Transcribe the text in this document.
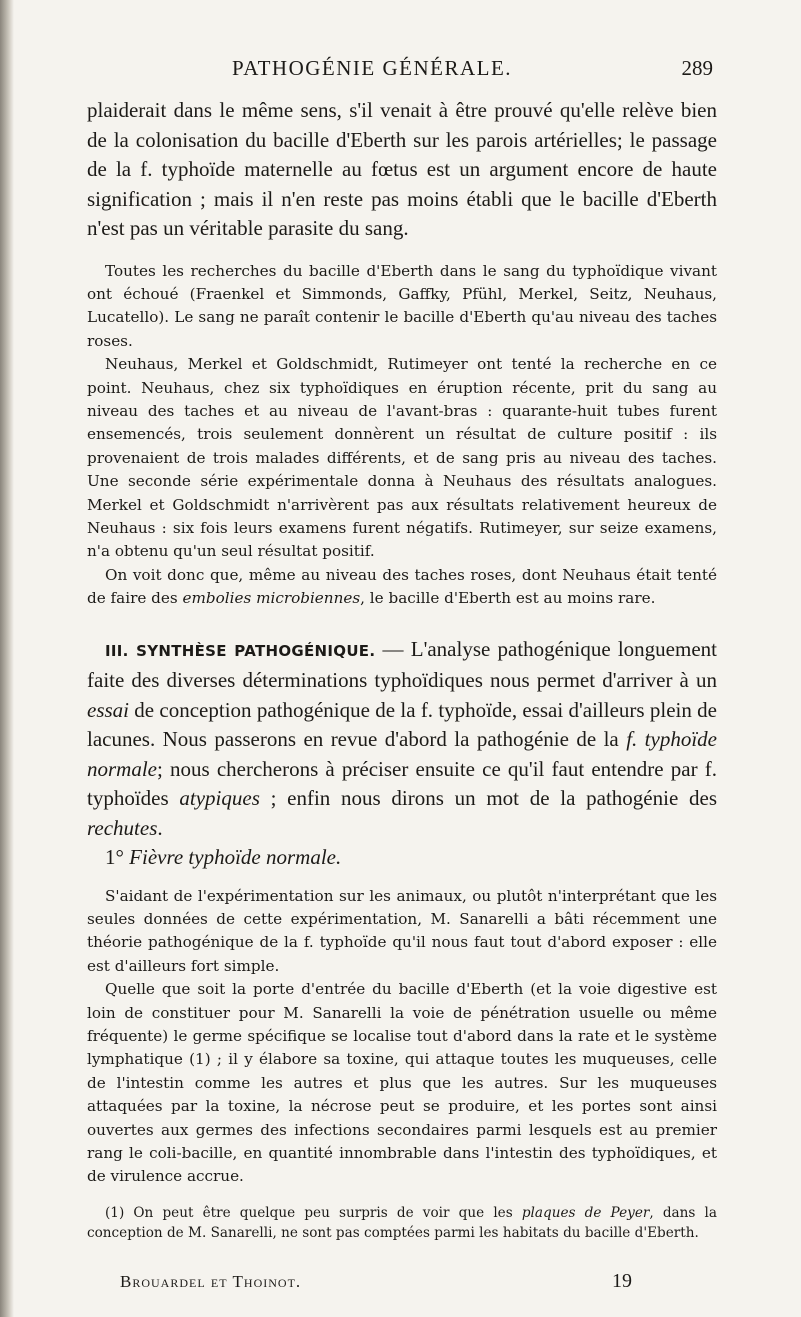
PATHOGÉNIE GÉNÉRALE.	289

plaiderait dans le même sens, s'il venait à être prouvé qu'elle relève bien de la colonisation du bacille d'Eberth sur les parois artérielles; le passage de la f. typhoïde maternelle au fœtus est un argument encore de haute signification ; mais il n'en reste pas moins établi que le bacille d'Eberth n'est pas un véritable parasite du sang.

Toutes les recherches du bacille d'Eberth dans le sang du typhoïdique vivant ont échoué (Fraenkel et Simmonds, Gaffky, Pfühl, Merkel, Seitz, Neuhaus, Lucatello). Le sang ne paraît contenir le bacille d'Eberth qu'au niveau des taches roses.

Neuhaus, Merkel et Goldschmidt, Rutimeyer ont tenté la recherche en ce point. Neuhaus, chez six typhoïdiques en éruption récente, prit du sang au niveau des taches et au niveau de l'avant-bras : quarante-huit tubes furent ensemencés, trois seulement donnèrent un résultat de culture positif : ils provenaient de trois malades différents, et de sang pris au niveau des taches. Une seconde série expérimentale donna à Neuhaus des résultats analogues. Merkel et Goldschmidt n'arrivèrent pas aux résultats relativement heureux de Neuhaus : six fois leurs examens furent négatifs. Rutimeyer, sur seize examens, n'a obtenu qu'un seul résultat positif.

On voit donc que, même au niveau des taches roses, dont Neuhaus était tenté de faire des embolies microbiennes, le bacille d'Eberth est au moins rare.

III. SYNTHÈSE PATHOGÉNIQUE. — L'analyse pathogénique longuement faite des diverses déterminations typhoïdiques nous permet d'arriver à un essai de conception pathogénique de la f. typhoïde, essai d'ailleurs plein de lacunes. Nous passerons en revue d'abord la pathogénie de la f. typhoïde normale; nous chercherons à préciser ensuite ce qu'il faut entendre par f. typhoïdes atypiques ; enfin nous dirons un mot de la pathogénie des rechutes.

1° Fièvre typhoïde normale.

S'aidant de l'expérimentation sur les animaux, ou plutôt n'interprétant que les seules données de cette expérimentation, M. Sanarelli a bâti récemment une théorie pathogénique de la f. typhoïde qu'il nous faut tout d'abord exposer : elle est d'ailleurs fort simple.

Quelle que soit la porte d'entrée du bacille d'Eberth (et la voie digestive est loin de constituer pour M. Sanarelli la voie de pénétration usuelle ou même fréquente) le germe spécifique se localise tout d'abord dans la rate et le système lymphatique (1) ; il y élabore sa toxine, qui attaque toutes les muqueuses, celle de l'intestin comme les autres et plus que les autres. Sur les muqueuses attaquées par la toxine, la nécrose peut se produire, et les portes sont ainsi ouvertes aux germes des infections secondaires parmi lesquels est au premier rang le coli-bacille, en quantité innombrable dans l'intestin des typhoïdiques, et de virulence accrue.

(1) On peut être quelque peu surpris de voir que les plaques de Peyer, dans la conception de M. Sanarelli, ne sont pas comptées parmi les habitats du bacille d'Eberth.

Brouardel et Thoinot.	19
